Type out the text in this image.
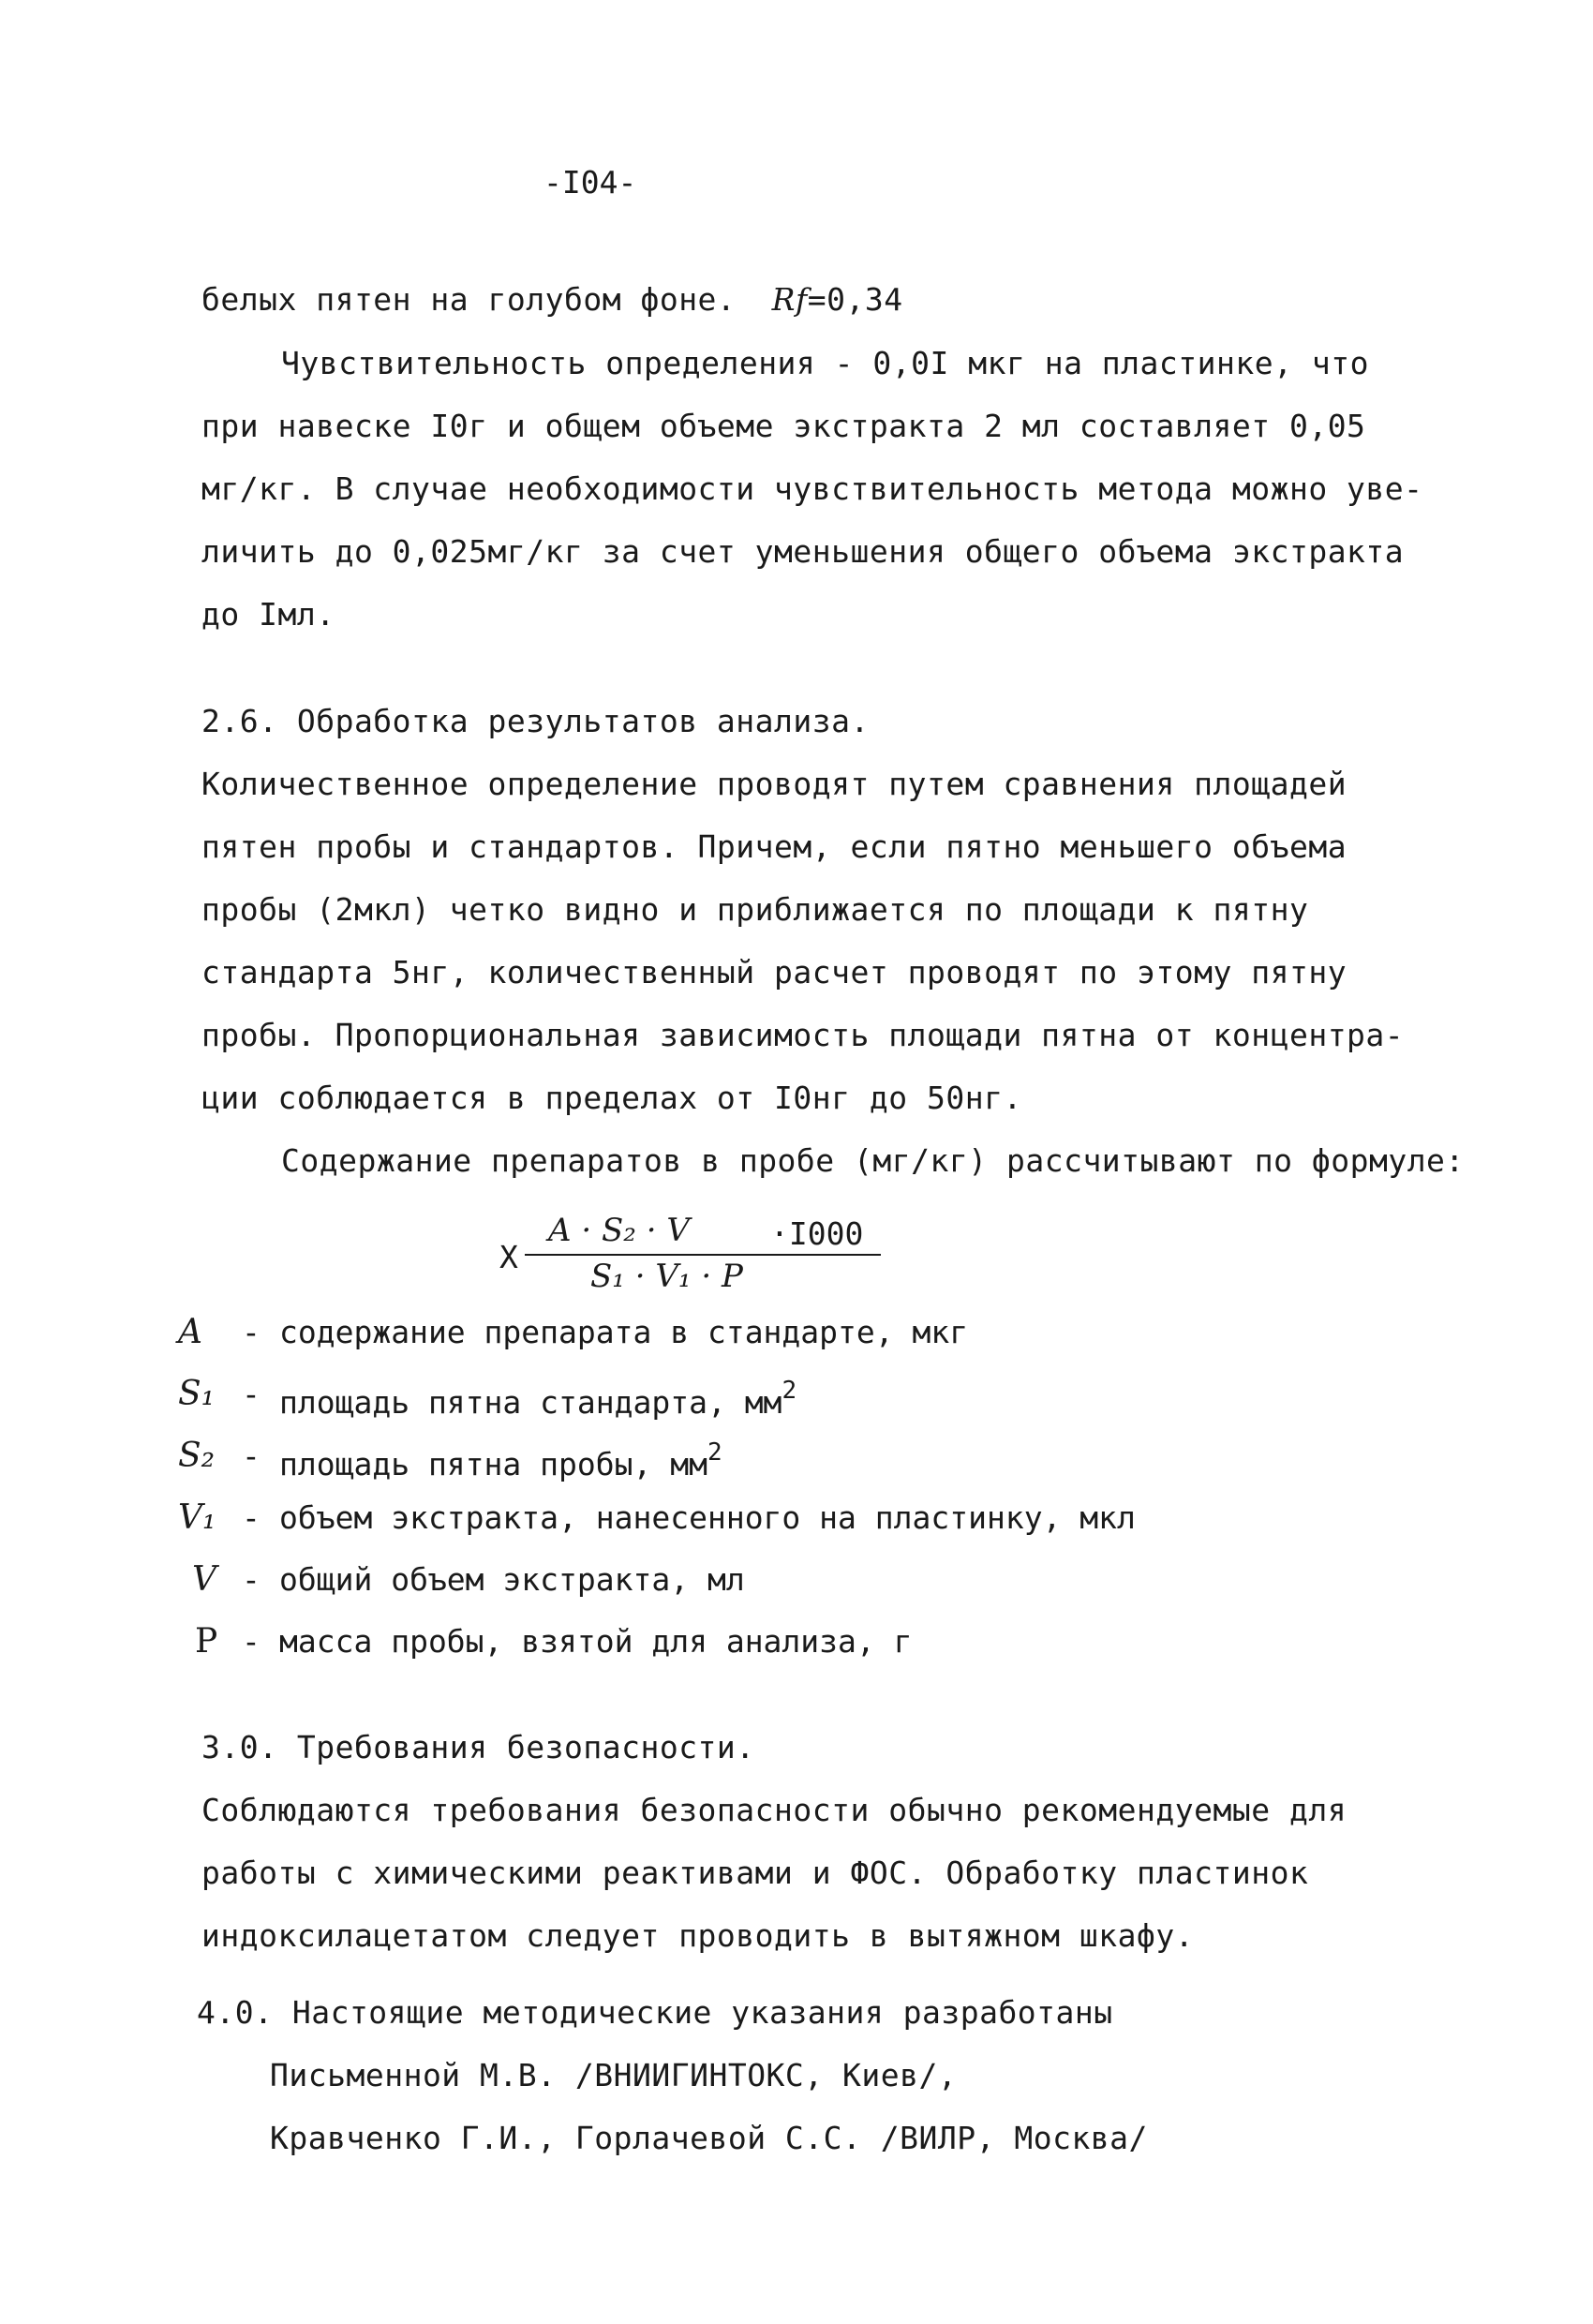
-I04-
белых пятен на голубом фоне. Rf=0,34
Чувствительность определения - 0,0I мкг на пластинке, что
при навеске I0г и общем объеме экстракта 2 мл составляет 0,05
мг/кг. В случае необходимости чувствительность метода можно уве-
личить до 0,025мг/кг за счет уменьшения общего объема экстракта
до Iмл.
2.6. Обработка результатов анализа.
Количественное определение проводят путем сравнения площадей
пятен пробы и стандартов. Причем, если пятно меньшего объема
пробы (2мкл) четко видно и приближается по площади к пятну
стандарта 5нг, количественный расчет проводят по этому пятну
пробы. Пропорциональная зависимость площади пятна от концентра-
ции соблюдается в пределах от I0нг до 50нг.
Содержание препаратов в пробе (мг/кг) рассчитывают по формуле:
X
A · S₂ · V	·I000
S₁ · V₁ · P
A - содержание препарата в стандарте, мкг
S₁ - площадь пятна стандарта, $мм^2$
S₂ - площадь пятна пробы, $мм^2$
V₁ - объем экстракта, нанесенного на пластинку, мкл
V - общий объем экстракта, мл
P - масса пробы, взятой для анализа, г
3.0. Требования безопасности.
Соблюдаются требования безопасности обычно рекомендуемые для
работы с химическими реактивами и ФОС. Обработку пластинок
индоксилацетатом следует проводить в вытяжном шкафу.
4.0. Настоящие методические указания разработаны
Письменной М.В. /ВНИИГИНТОКС, Киев/,
Кравченко Г.И., Горлачевой С.С. /ВИЛР, Москва/
